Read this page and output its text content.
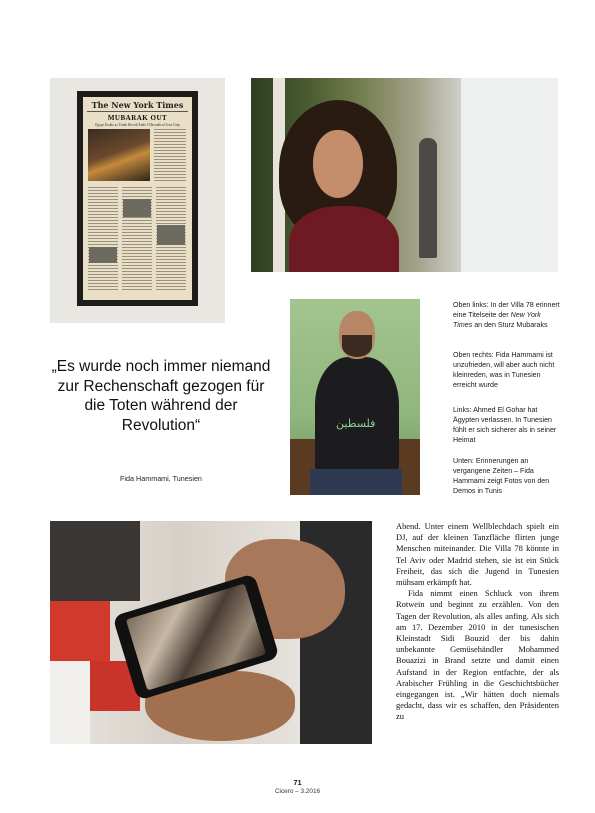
The New York Times
MUBARAK OUT
Egypt Exults as Youth Revolt Ends 3 Decades of Iron Grip
فلسطين
„Es wurde noch immer niemand zur Rechenschaft gezogen für die Toten während der Revolution“
Fida Hammami, Tunesien
Oben links: In der Villa 78 erinnert eine Titelseite der New York Times an den Sturz Mubaraks
Oben rechts: Fida Hammami ist unzufrieden, will aber auch nicht kleinreden, was in Tunesien erreicht wurde
Links: Ahmed El Gohar hat Ägypten verlassen. In Tunesien fühlt er sich sicherer als in seiner Heimat
Unten: Erinnerungen an vergangene Zeiten – Fida Hammami zeigt Fotos von den Demos in Tunis

Abend. Unter einem Wellblechdach spielt ein DJ, auf der kleinen Tanzfläche flirten junge Menschen miteinander. Die Villa 78 könnte in Tel Aviv oder Madrid stehen, sie ist ein Stück Freiheit, das sich die Jugend in Tunesien mühsam erkämpft hat.

Fida nimmt einen Schluck von ihrem Rotwein und beginnt zu erzählen. Von den Tagen der Revolution, als alles anfing. Als sich am 17. Dezember 2010 in der tunesischen Kleinstadt Sidi Bouzid der bis dahin unbekannte Gemüsehändler Mohammed Bouazizi in Brand setzte und damit einen Aufstand in der Region entfachte, der als Arabischer Frühling in die Geschichtsbücher eingegangen ist. „Wir hätten doch niemals gedacht, dass wir es schaffen, den Präsidenten zu

71
Cicero – 3.2016
